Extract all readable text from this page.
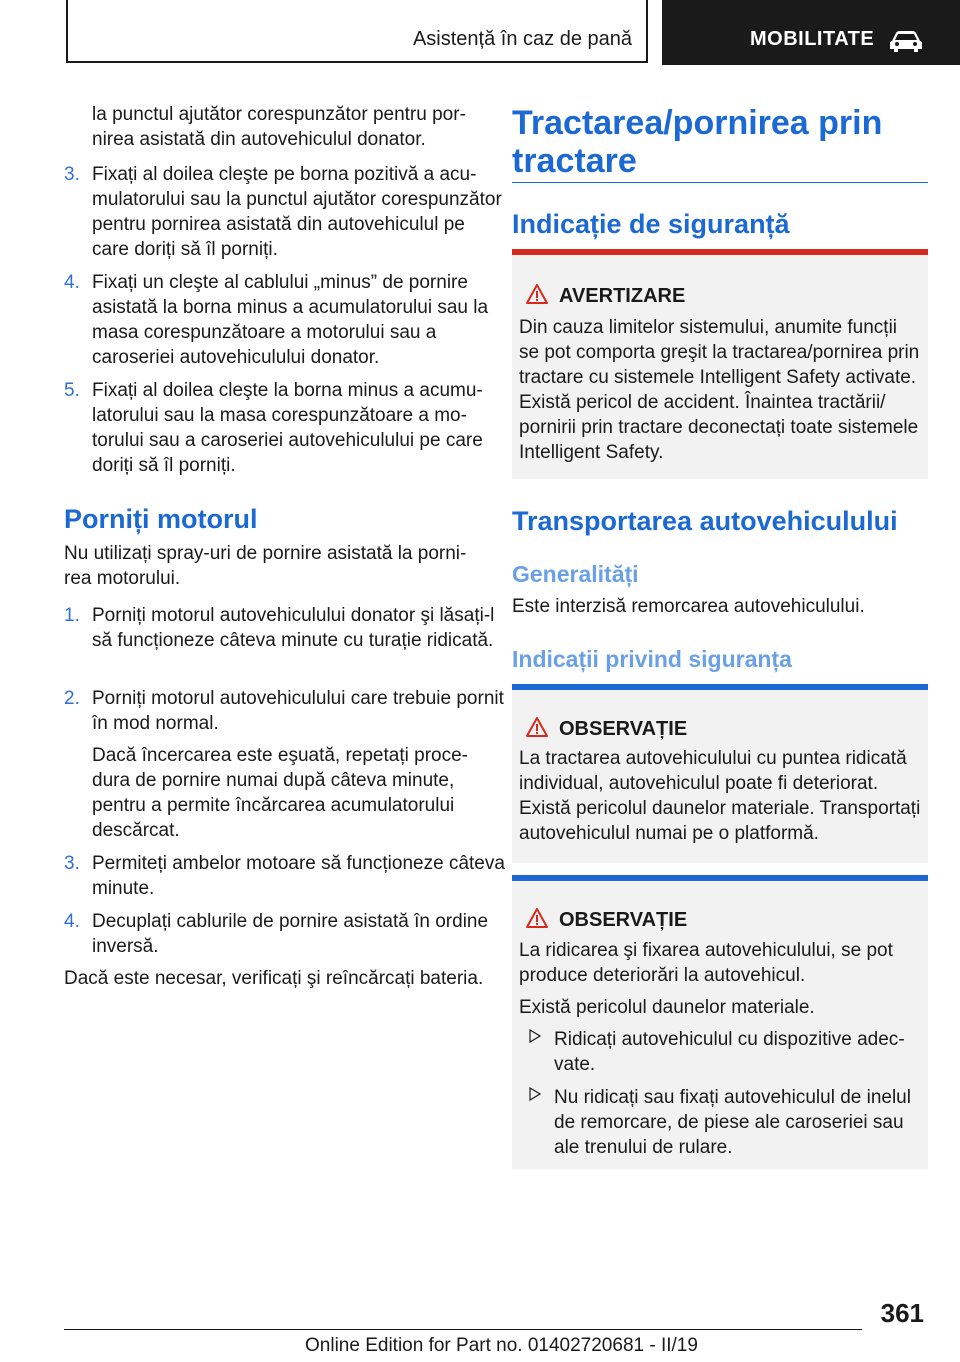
Asistență în caz de pană	MOBILITATE

la punctul ajutător corespunzător pentru pornirea asistată din autovehiculul donator.

3. Fixați al doilea cleşte pe borna pozitivă a acumulatorului sau la punctul ajutător corespunzător pentru pornirea asistată din autovehiculul pe care doriți să îl porniți.

4. Fixați un cleşte al cablului „minus” de pornire asistată la borna minus a acumulatorului sau la masa corespunzătoare a motorului sau a caroseriei autovehiculului donator.

5. Fixați al doilea cleşte la borna minus a acumulatorului sau la masa corespunzătoare a motorului sau a caroseriei autovehiculului pe care doriți să îl porniți.

Porniți motorul

Nu utilizați spray-uri de pornire asistată la pornirea motorului.

1. Porniți motorul autovehiculului donator şi lăsați-l să funcționeze câteva minute cu turație ridicată.

2. Porniți motorul autovehiculului care trebuie pornit în mod normal.

Dacă încercarea este eşuată, repetați procedura de pornire numai după câteva minute, pentru a permite încărcarea acumulatorului descărcat.

3. Permiteți ambelor motoare să funcționeze câteva minute.

4. Decuplați cablurile de pornire asistată în ordine inversă.

Dacă este necesar, verificați şi reîncărcați bateria.

Tractarea/pornirea prin tractare
Indicație de siguranță
AVERTIZARE

Din cauza limitelor sistemului, anumite funcții se pot comporta greşit la tractarea/pornirea prin tractare cu sistemele Intelligent Safety activate. Există pericol de accident. Înaintea tractării/ pornirii prin tractare deconectați toate sistemele Intelligent Safety.

Transportarea autovehiculului
Generalități

Este interzisă remorcarea autovehiculului.

Indicații privind siguranța
OBSERVAȚIE

La tractarea autovehiculului cu puntea ridicată individual, autovehiculul poate fi deteriorat. Există pericolul daunelor materiale. Transportați autovehiculul numai pe o platformă.

OBSERVAȚIE

La ridicarea şi fixarea autovehiculului, se pot produce deteriorări la autovehicul.

Există pericolul daunelor materiale.

Ridicați autovehiculul cu dispozitive adecvate.

Nu ridicați sau fixați autovehiculul de inelul de remorcare, de piese ale caroseriei sau ale trenului de rulare.

361
Online Edition for Part no. 01402720681 - II/19
